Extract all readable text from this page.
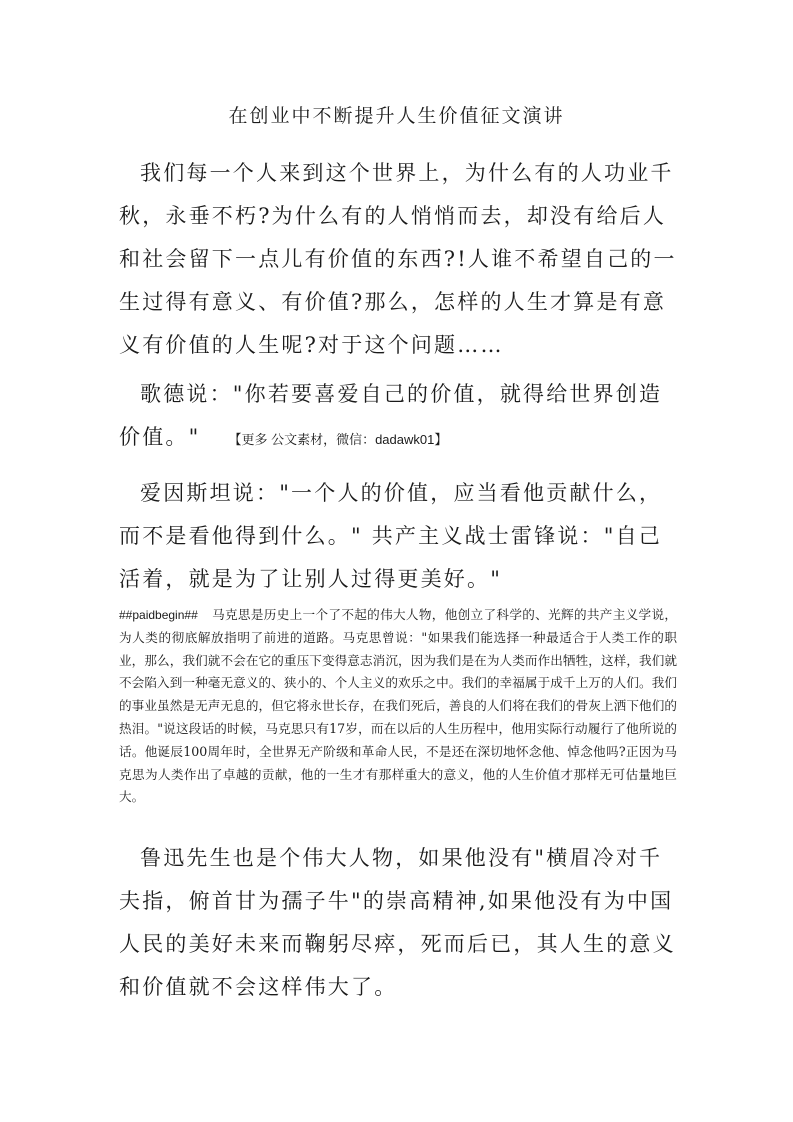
在创业中不断提升人生价值征文演讲

我们每一个人来到这个世界上，为什么有的人功业千秋，永垂不朽?为什么有的人悄悄而去，却没有给后人和社会留下一点儿有价值的东西?!人谁不希望自己的一生过得有意义、有价值?那么，怎样的人生才算是有意义有价值的人生呢?对于这个问题……

歌德说："你若要喜爱自己的价值，就得给世界创造价值。" 【更多 公文素材，微信：dadawk01】

爱因斯坦说："一个人的价值，应当看他贡献什么，而不是看他得到什么。" 共产主义战士雷锋说："自己活着，就是为了让别人过得更美好。"

##paidbegin## 马克思是历史上一个了不起的伟大人物，他创立了科学的、光辉的共产主义学说，为人类的彻底解放指明了前进的道路。马克思曾说："如果我们能选择一种最适合于人类工作的职业，那么，我们就不会在它的重压下变得意志消沉，因为我们是在为人类而作出牺牲，这样，我们就不会陷入到一种毫无意义的、狭小的、个人主义的欢乐之中。我们的幸福属于成千上万的人们。我们的事业虽然是无声无息的，但它将永世长存，在我们死后，善良的人们将在我们的骨灰上洒下他们的热泪。"说这段话的时候，马克思只有17岁，而在以后的人生历程中，他用实际行动履行了他所说的话。他诞辰100周年时，全世界无产阶级和革命人民，不是还在深切地怀念他、悼念他吗?正因为马克思为人类作出了卓越的贡献，他的一生才有那样重大的意义，他的人生价值才那样无可估量地巨大。

鲁迅先生也是个伟大人物，如果他没有"横眉冷对千夫指，俯首甘为孺子牛"的崇高精神,如果他没有为中国人民的美好未来而鞠躬尽瘁，死而后已，其人生的意义和价值就不会这样伟大了。
